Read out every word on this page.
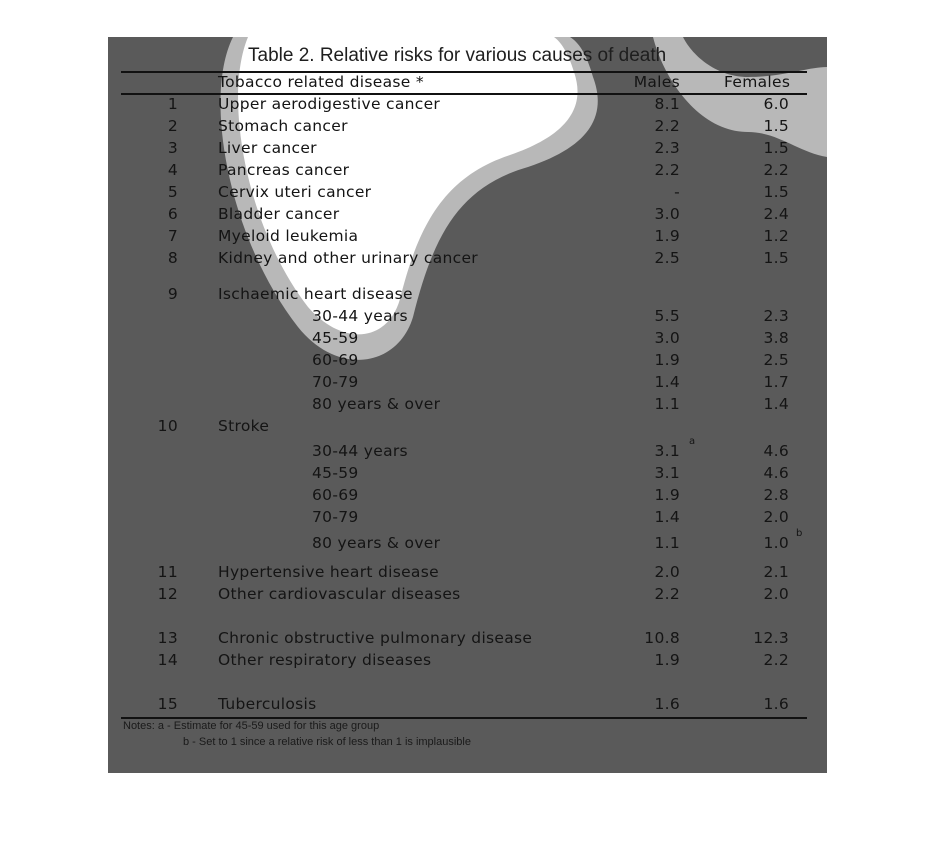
Table 2. Relative risks for various causes of death
Tobacco related disease *	Males	Females
1	Upper aerodigestive cancer	8.1	6.0
2	Stomach cancer	2.2	1.5
3	Liver cancer	2.3	1.5
4	Pancreas cancer	2.2	2.2
5	Cervix uteri cancer	-	1.5
6	Bladder cancer	3.0	2.4
7	Myeloid leukemia	1.9	1.2
8	Kidney and other urinary cancer	2.5	1.5
9	Ischaemic heart disease
30-44 years	5.5	2.3
45-59	3.0	3.8
60-69	1.9	2.5
70-79	1.4	1.7
80 years & over	1.1	1.4
10	Stroke
30-44 years	3.1	4.6
a
45-59	3.1	4.6
60-69	1.9	2.8
70-79	1.4	2.0
80 years & over	1.1	1.0
b
11	Hypertensive heart disease	2.0	2.1
12	Other cardiovascular diseases	2.2	2.0
13	Chronic obstructive pulmonary disease	10.8	12.3
14	Other respiratory diseases	1.9	2.2
15	Tuberculosis	1.6	1.6
Notes: a - Estimate for 45-59 used for this age group
b - Set to 1 since a relative risk of less than 1 is implausible
